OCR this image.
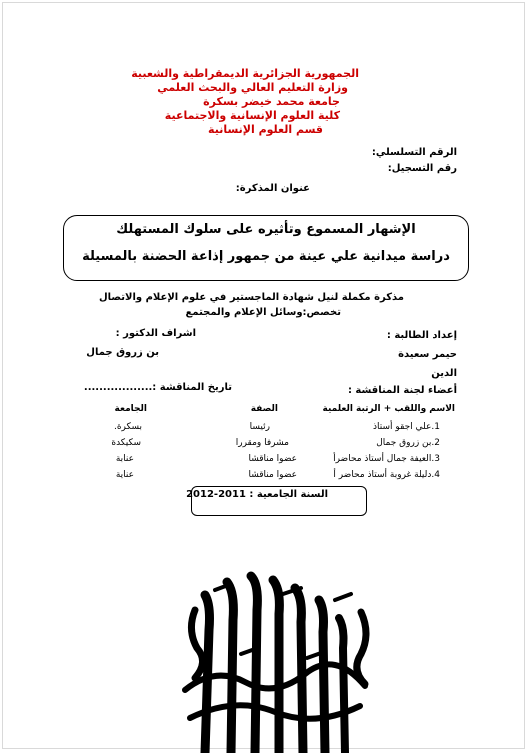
الجمهورية الجزائرية الديمقراطية والشعبية
وزارة التعليم العالي والبحث العلمي
جامعة محمد خيضر بسكرة
كلية العلوم الإنسانية والاجتماعية
قسم العلوم الإنسانية
الرقم التسلسلي:
رقم التسجيل:
عنوان المذكرة:
الإشهار المسموع وتأثيره على سلوك المستهلك
دراسة ميدانية علي عينة من جمهور إذاعة الحضنة بالمسيلة
مذكرة مكملة لنيل شهادة الماجستير في علوم الإعلام والاتصال
تخصص:وسائل الإعلام والمجتمع
إعداد الطالبة :
اشراف الدكتور :
حيمر سعيدة
بن زروق جمال
الدين
أعضاء لجنة المناقشة :
تاريخ المناقشة :..................
الاسم واللقب + الرتبة العلمية
الصفة
الجامعة
1.علي اجقو أستاذ
رئيسا
بسكرة.
2.بن زروق جمال
مشرفا ومقررا
سكيكدة
3.العيفة جمال أستاذ محاضرأ
عضوا مناقشا
عنابة
4.دليلة غروبة أستاذ محاضر أ
عضوا مناقشا
عناية
السنة الجامعية : 2011-2012
